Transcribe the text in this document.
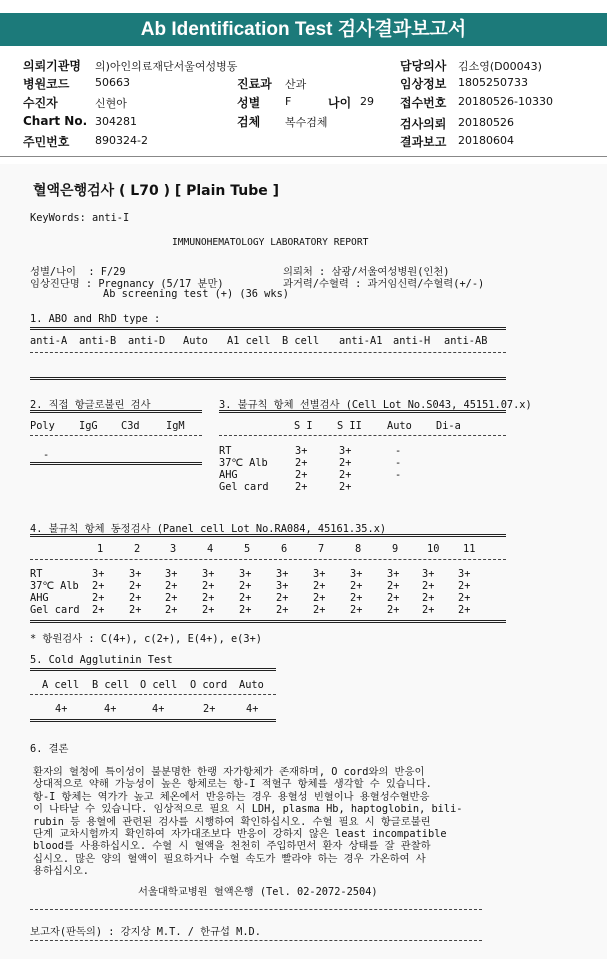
Ab Identification Test 검사결과보고서
의뢰기관명 의)아인의료재단서울여성병동
병원코드 50663	진료과 산과
수진자	신현아	성별 F	나이 29
Chart No. 304281	검체 복수검체
주민번호 890324-2
담당의사 김소영(D00043)
임상정보 1805250733
접수번호 20180526-10330
검사의뢰 20180526
결과보고 20180604
혈액은행검사 ( L70 ) [ Plain Tube ]
KeyWords: anti-I
IMMUNOHEMATOLOGY LABORATORY REPORT
성별/나이  : F/29
임상진단명 : Pregnancy (5/17 분만)
Ab screening test (+) (36 wks)
의뢰처 : 삼광/서울여성병원(인천)
과거력/수혈력 : 과거임신력/수혈력(+/-)
1. ABO and RhD type :
anti-A anti-B anti-D Auto A1 cell B cell anti-A1 anti-H anti-AB
2. 직접 항글로불린 검사
Poly IgG C3d	IgM
-
3. 불규칙 항체 선별검사 (Cell Lot No.S043, 45151.07.x)
S I S II Auto Di-a
RT	3+	3+	-
37℃ Alb	2+	2+	-
AHG	2+	2+	-
Gel card	2+	2+
4. 불규칙 항체 동정검사 (Panel cell Lot No.RA084, 45161.35.x)
1	2	3	4	5	6	7	8	9	10 11
RT	3+ 3+ 3+ 3+ 3+ 3+ 3+ 3+ 3+ 3+ 3+
37℃ Alb 2+ 2+ 2+ 2+ 2+ 3+ 2+ 2+ 2+ 2+ 2+
AHG	2+ 2+ 2+ 2+ 2+ 2+ 2+ 2+ 2+ 2+ 2+
Gel card 2+ 2+ 2+ 2+ 2+ 2+ 2+ 2+ 2+ 2+ 2+
* 항원검사 : C(4+), c(2+), E(4+), e(3+)
5. Cold Agglutinin Test
A cell B cell O cell O cord Auto
4+	4+	4+	2+	4+
6. 결론
환자의 혈청에 특이성이 불분명한 한랭 자가항체가 존재하며, O cord와의 반응이
상대적으로 약해 가능성이 높은 항체로는 항-I 적혈구 항체를 생각할 수 있습니다.
항-I 항체는 역가가 높고 체온에서 반응하는 경우 용혈성 빈혈이나 용혈성수혈반응
이 나타날 수 있습니다. 임상적으로 필요 시 LDH, plasma Hb, haptoglobin, bili-
rubin 등 용혈에 관련된 검사를 시행하여 확인하십시오. 수혈 필요 시 항글로불린
단계 교차시험까지 확인하여 자가대조보다 반응이 강하지 않은 least incompatible
blood를 사용하십시오. 수혈 시 혈액을 천천히 주입하면서 환자 상태를 잘 관찰하
십시오. 많은 양의 혈액이 필요하거나 수혈 속도가 빨라야 하는 경우 가온하여 사
용하십시오.
서울대학교병원 혈액은행 (Tel. 02-2072-2504)
보고자(판독의) : 강지상 M.T. / 한규섭 M.D.
